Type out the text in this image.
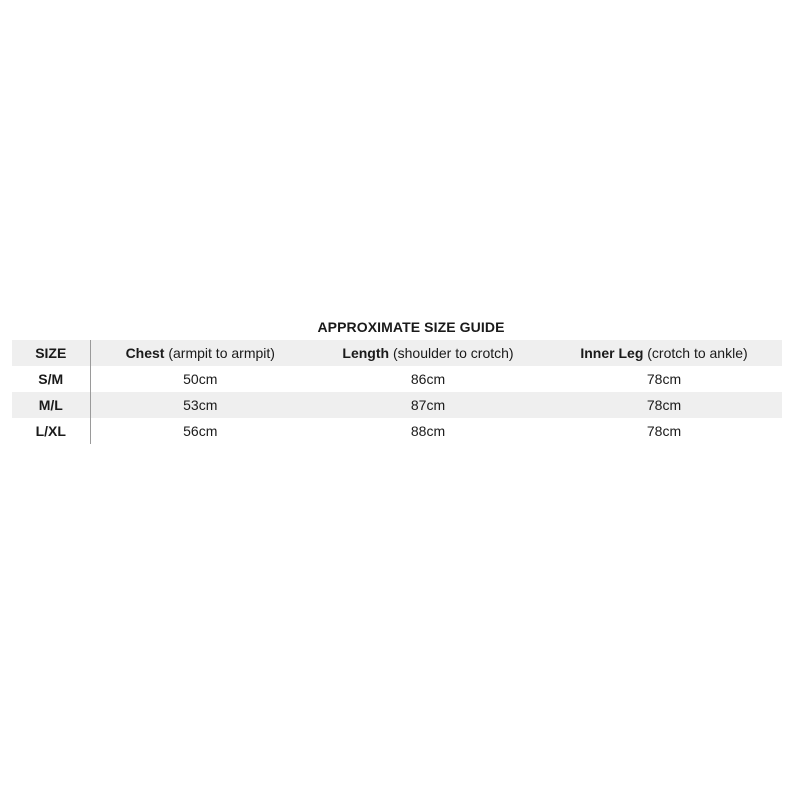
APPROXIMATE SIZE GUIDE
SIZE	Chest (armpit to armpit)	Length (shoulder to crotch)	Inner Leg (crotch to ankle)
S/M	50cm	86cm	78cm
M/L	53cm	87cm	78cm
L/XL	56cm	88cm	78cm
